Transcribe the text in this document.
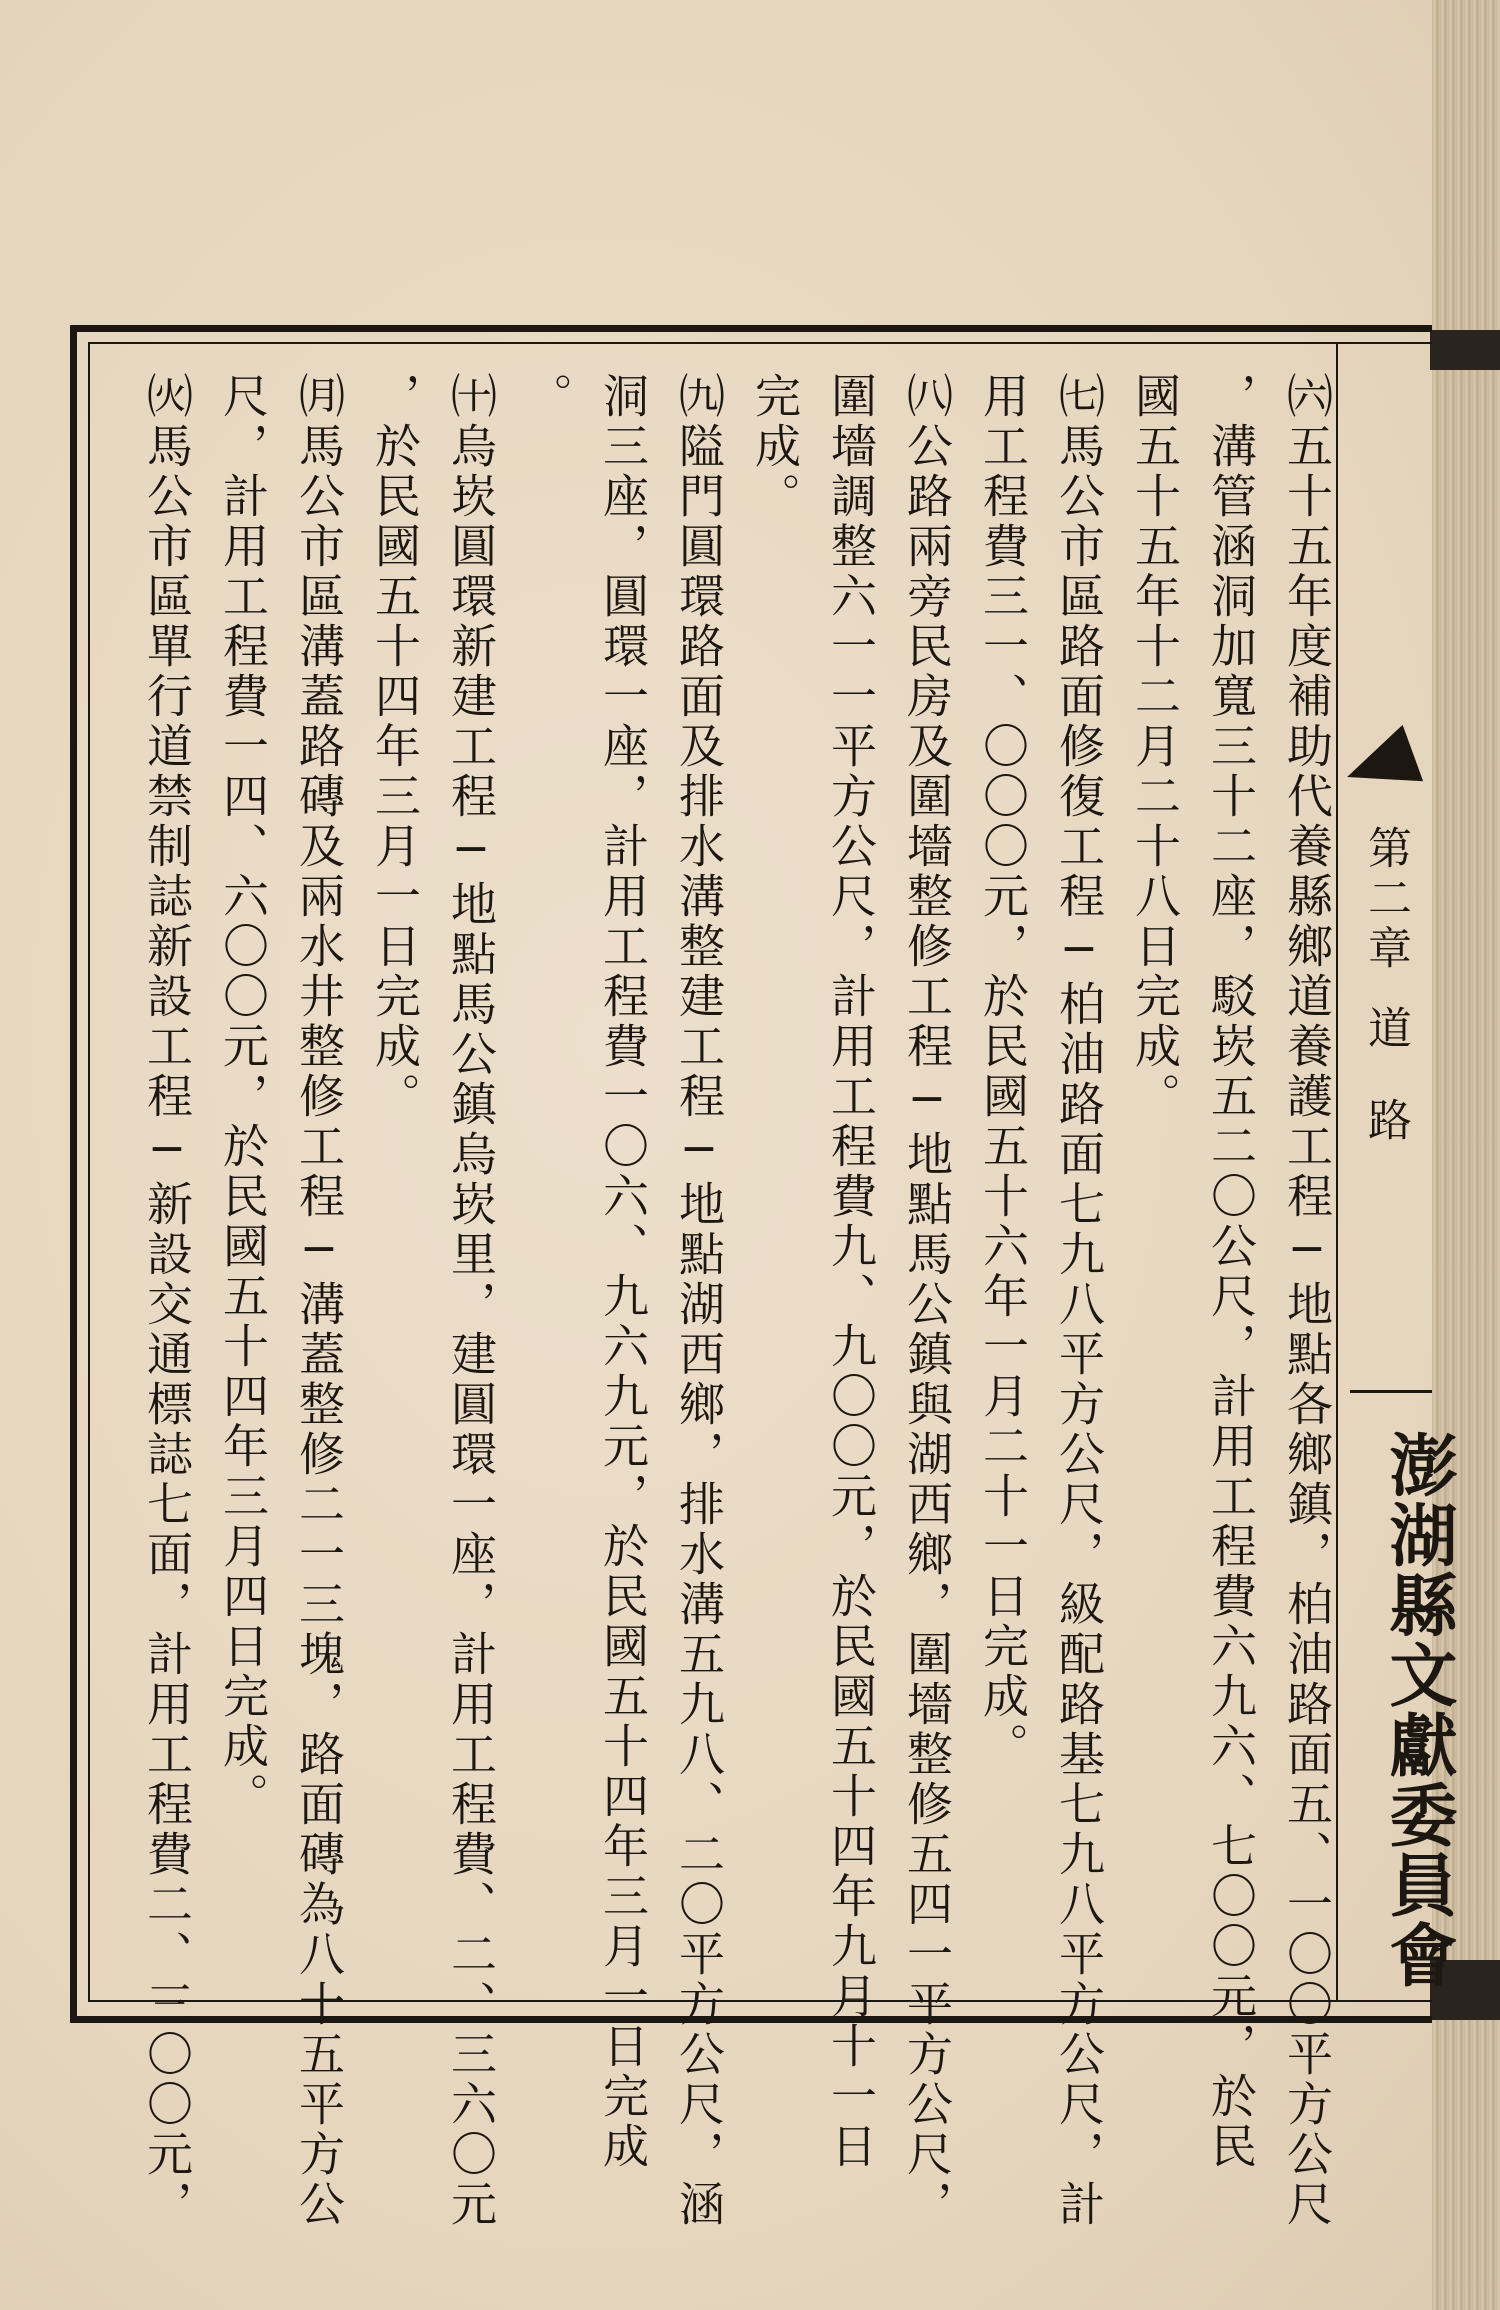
第二章
道路
澎湖縣文獻委員會
㈥五十五年度補助代養縣鄉道養護工程─地點各鄉鎮，柏油路面五、一〇〇平方公尺
，溝管涵洞加寬三十二座，駁崁五二〇公尺，計用工程費六九六、七〇〇元，於民
國五十五年十二月二十八日完成。
㈦馬公市區路面修復工程─柏油路面七九八平方公尺，級配路基七九八平方公尺，計
用工程費三一、〇〇〇元，於民國五十六年一月二十一日完成。
㈧公路兩旁民房及圍墻整修工程─地點馬公鎮與湖西鄉，圍墻整修五四一平方公尺，
圍墻調整六一一平方公尺，計用工程費九、九〇〇元，於民國五十四年九月十一日
完成。
㈨隘門圓環路面及排水溝整建工程─地點湖西鄉，排水溝五九八、二〇平方公尺，涵
洞三座，圓環一座，計用工程費一〇六、九六九元，於民國五十四年三月一日完成
。
㈩烏崁圓環新建工程─地點馬公鎮烏崁里，建圓環一座，計用工程費、二、三六〇元
，於民國五十四年三月一日完成。
㈪馬公市區溝蓋路磚及兩水井整修工程─溝蓋整修二一三塊，路面磚為八十五平方公
尺，計用工程費一四、六〇〇元，於民國五十四年三月四日完成。
㈫馬公市區單行道禁制誌新設工程─新設交通標誌七面，計用工程費二、三〇〇元，
